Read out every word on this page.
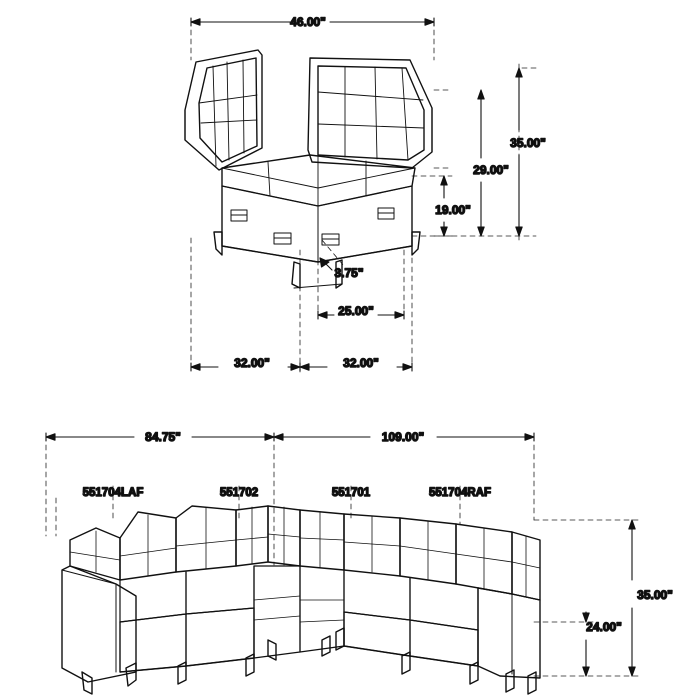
46.00"
35.00"
29.00"
19.00"
3.75"
25.00"
32.00"	32.00"
84.75"	109.00"
35.00"
24.00"
551704LAF	551702	551701	551704RAF
